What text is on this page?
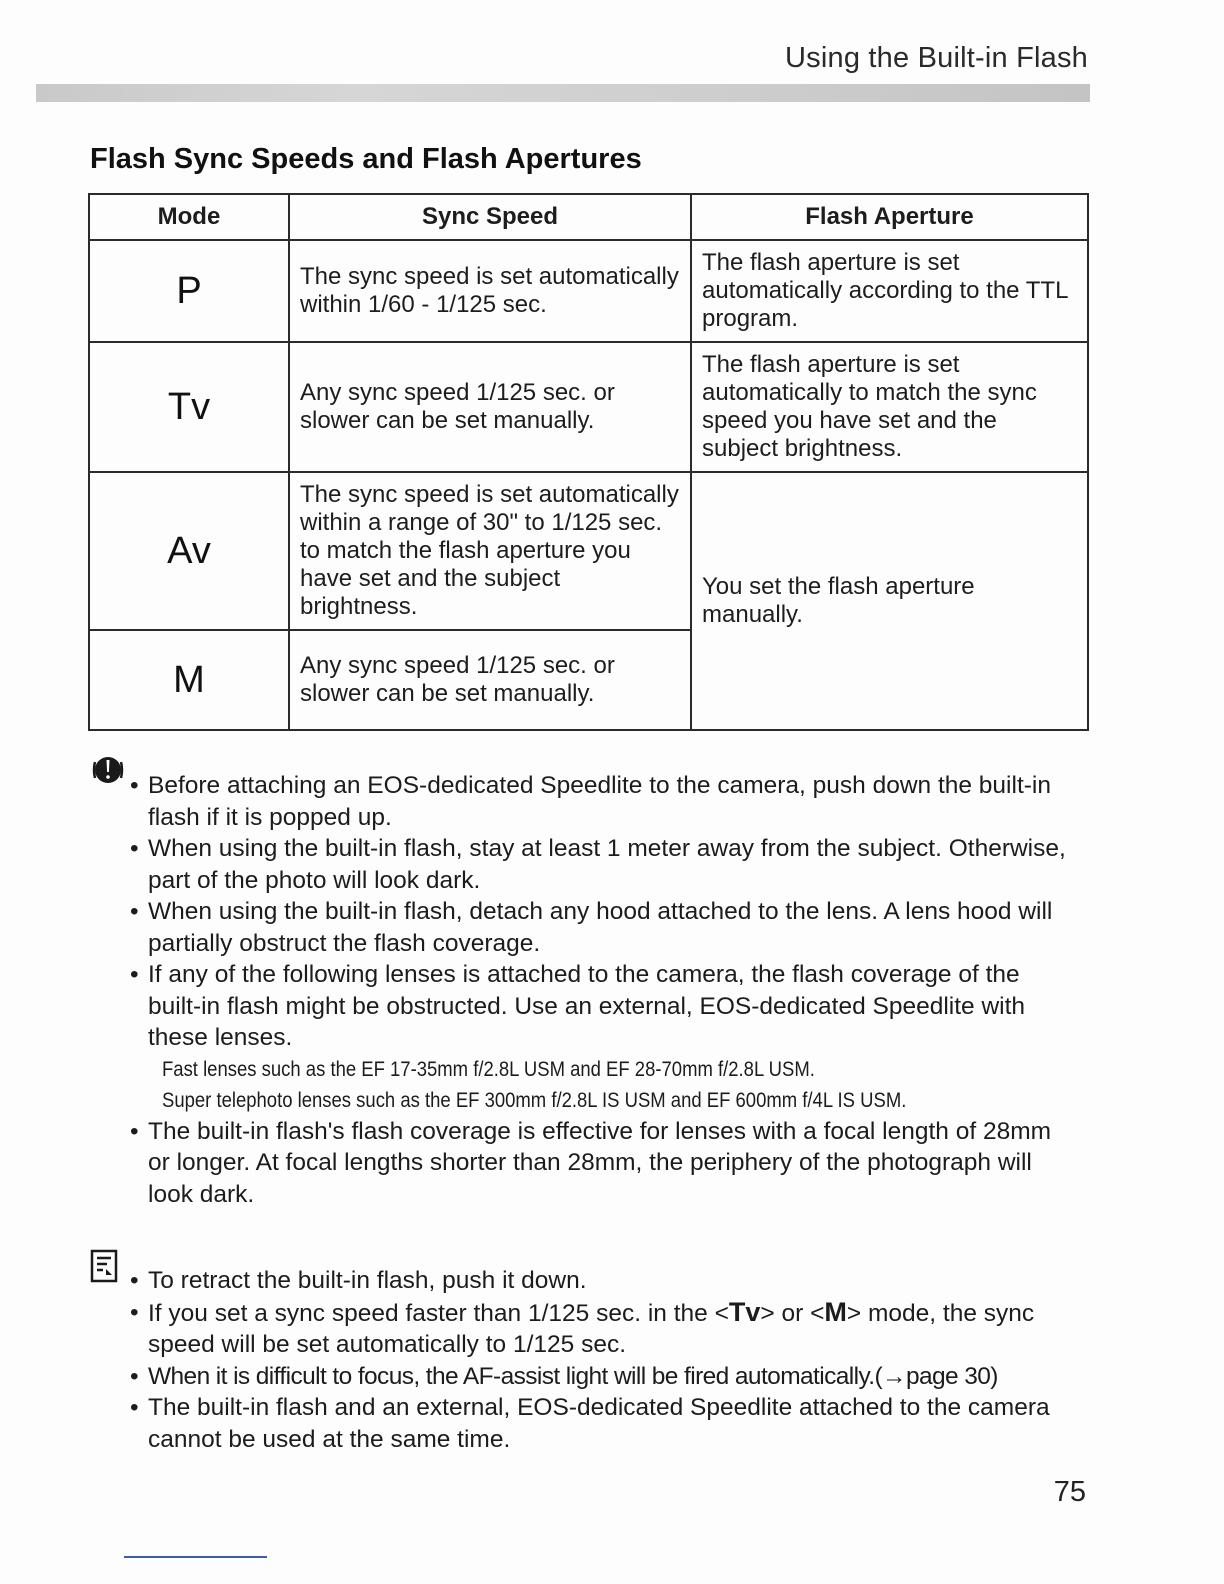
Using the Built-in Flash
Flash Sync Speeds and Flash Apertures
Mode	Sync Speed	Flash Aperture
P	The sync speed is set automatically within 1/60 - 1/125 sec.	The flash aperture is set automatically according to the TTL program.
Tv	Any sync speed 1/125 sec. or slower can be set manually.	The flash aperture is set automatically to match the sync speed you have set and the subject brightness.
Av	The sync speed is set automatically within a range of 30" to 1/125 sec. to match the flash aperture you have set and the subject brightness.	You set the flash aperture manually.
M	Any sync speed 1/125 sec. or slower can be set manually.	
• Before attaching an EOS-dedicated Speedlite to the camera, push down the built-in flash if it is popped up.
• When using the built-in flash, stay at least 1 meter away from the subject. Otherwise, part of the photo will look dark.
• When using the built-in flash, detach any hood attached to the lens. A lens hood will partially obstruct the flash coverage.
• If any of the following lenses is attached to the camera, the flash coverage of the built-in flash might be obstructed. Use an external, EOS-dedicated Speedlite with these lenses.
Fast lenses such as the EF 17-35mm f/2.8L USM and EF 28-70mm f/2.8L USM.
Super telephoto lenses such as the EF 300mm f/2.8L IS USM and EF 600mm f/4L IS USM.
• The built-in flash's flash coverage is effective for lenses with a focal length of 28mm or longer. At focal lengths shorter than 28mm, the periphery of the photograph will look dark.
• To retract the built-in flash, push it down.
• If you set a sync speed faster than 1/125 sec. in the <Tv> or <M> mode, the sync speed will be set automatically to 1/125 sec.
• When it is difficult to focus, the AF-assist light will be fired automatically.(→page 30)
• The built-in flash and an external, EOS-dedicated Speedlite attached to the camera cannot be used at the same time.
75
